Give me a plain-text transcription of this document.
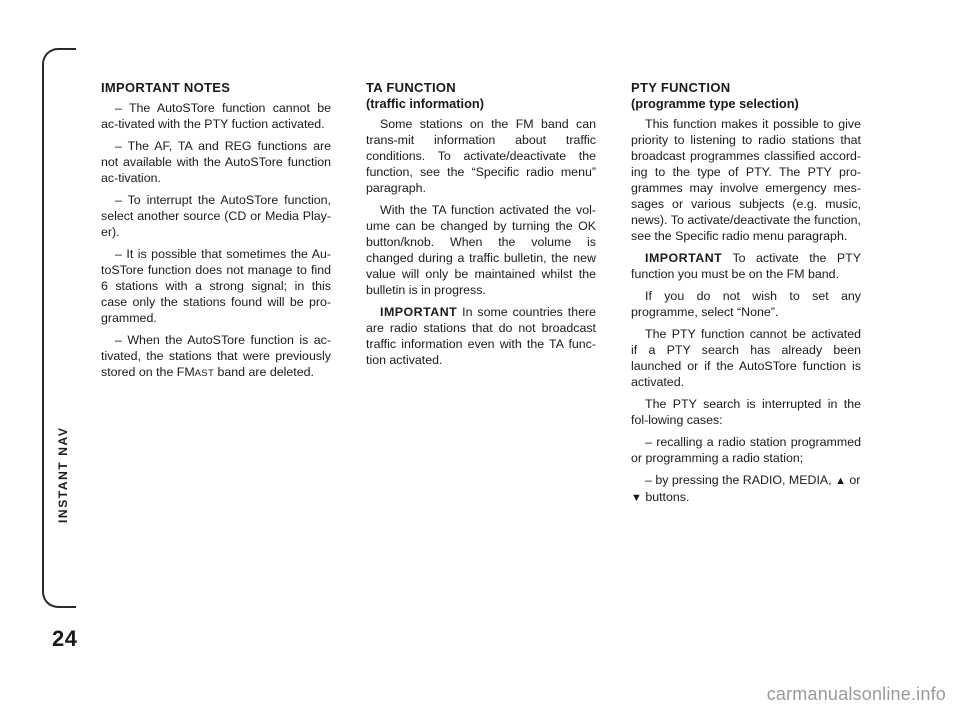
INSTANT NAV
24
IMPORTANT NOTES

– The AutoSTore function cannot be ac-tivated with the PTY fuction activated.

– The AF, TA and REG functions are not available with the AutoSTore function ac-tivation.

– To interrupt the AutoSTore function, select another source (CD or Media Play-er).

– It is possible that sometimes the Au-toSTore function does not manage to find 6 stations with a strong signal; in this case only the stations found will be pro-grammed.

– When the AutoSTore function is ac-tivated, the stations that were previously stored on the FMAST band are deleted.

TA FUNCTION
(traffic information)

Some stations on the FM band can trans-mit information about traffic conditions. To activate/deactivate the function, see the “Specific radio menu” paragraph.

With the TA function activated the vol-ume can be changed by turning the OK button/knob. When the volume is changed during a traffic bulletin, the new value will only be maintained whilst the bulletin is in progress.

IMPORTANT In some countries there are radio stations that do not broadcast traffic information even with the TA func-tion activated.

PTY FUNCTION
(programme type selection)

This function makes it possible to give priority to listening to radio stations that broadcast programmes classified accord-ing to the type of PTY. The PTY pro-grammes may involve emergency mes-sages or various subjects (e.g. music, news). To activate/deactivate the function, see the Specific radio menu paragraph.

IMPORTANT To activate the PTY function you must be on the FM band.

If you do not wish to set any programme, select “None”.

The PTY function cannot be activated if a PTY search has already been launched or if the AutoSTore function is activated.

The PTY search is interrupted in the fol-lowing cases:

– recalling a radio station programmed or programming a radio station;

– by pressing the RADIO, MEDIA, ▲ or
▼ buttons.

carmanualsonline.info
